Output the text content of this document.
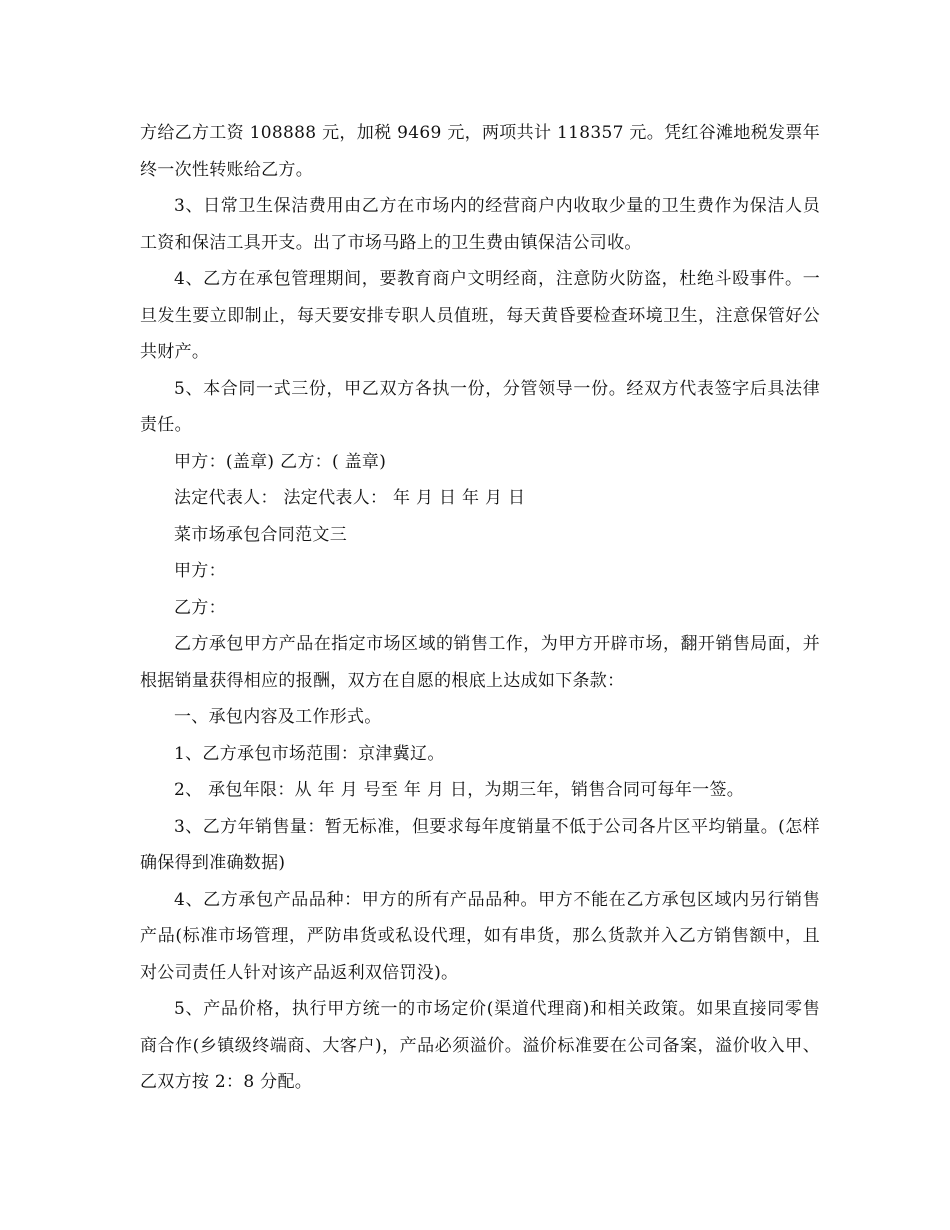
方给乙方工资 108888 元，加税 9469 元，两项共计 118357 元。凭红谷滩地税发票年终一次性转账给乙方。

3、日常卫生保洁费用由乙方在市场内的经营商户内收取少量的卫生费作为保洁人员工资和保洁工具开支。出了市场马路上的卫生费由镇保洁公司收。

4、乙方在承包管理期间，要教育商户文明经商，注意防火防盗，杜绝斗殴事件。一旦发生要立即制止，每天要安排专职人员值班，每天黄昏要检查环境卫生，注意保管好公共财产。

5、本合同一式三份，甲乙双方各执一份，分管领导一份。经双方代表签字后具法律责任。

甲方：(盖章) 乙方：( 盖章)

法定代表人： 法定代表人： 年 月 日 年 月 日

菜市场承包合同范文三

甲方：

乙方：

乙方承包甲方产品在指定市场区域的销售工作，为甲方开辟市场，翻开销售局面，并根据销量获得相应的报酬，双方在自愿的根底上达成如下条款：

一、承包内容及工作形式。

1、乙方承包市场范围：京津冀辽。

2、 承包年限：从 年 月 号至 年 月 日，为期三年，销售合同可每年一签。

3、乙方年销售量：暂无标准，但要求每年度销量不低于公司各片区平均销量。(怎样确保得到准确数据)

4、乙方承包产品品种：甲方的所有产品品种。甲方不能在乙方承包区域内另行销售产品(标准市场管理，严防串货或私设代理，如有串货，那么货款并入乙方销售额中，且对公司责任人针对该产品返利双倍罚没)。

5、产品价格，执行甲方统一的市场定价(渠道代理商)和相关政策。如果直接同零售商合作(乡镇级终端商、大客户)，产品必须溢价。溢价标准要在公司备案，溢价收入甲、乙双方按 2：8 分配。
